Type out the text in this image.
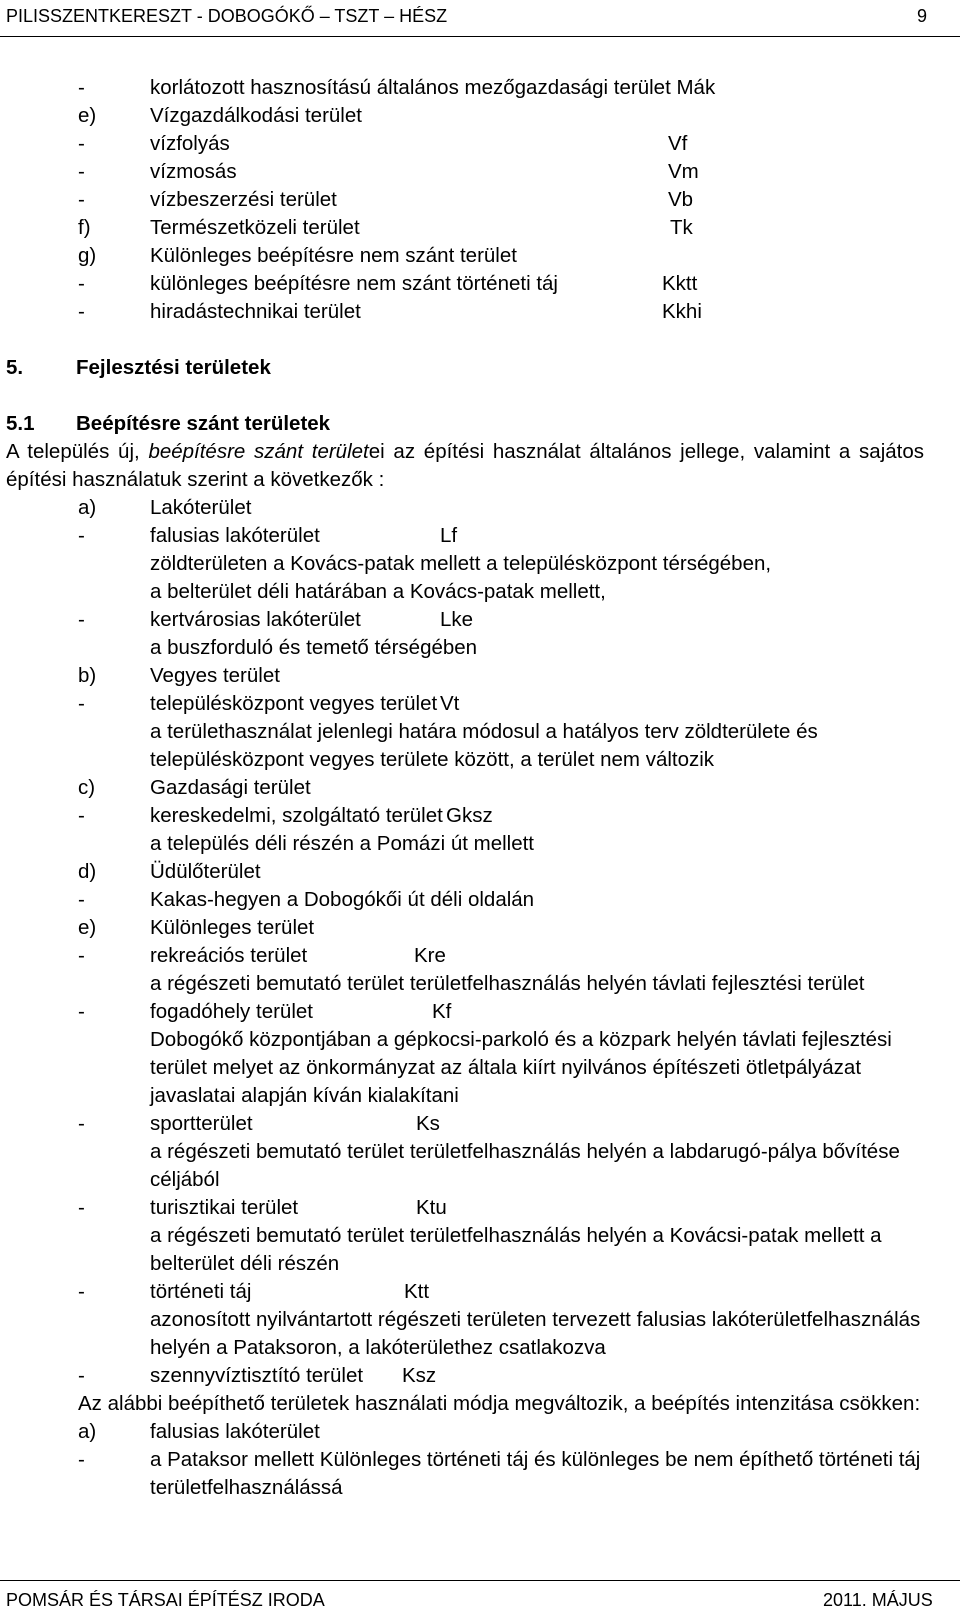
PILISSZENTKERESZT - DOBOGÓKŐ – TSZT – HÉSZ	9
-	korlátozott hasznosítású általános mezőgazdasági terület Mák
e)	Vízgazdálkodási terület
-	vízfolyás	Vf
-	vízmosás	Vm
-	vízbeszerzési terület	Vb
f)	Természetközeli terület	Tk
g)	Különleges beépítésre nem szánt terület
-	különleges beépítésre nem szánt történeti táj	Kktt
-	hiradástechnikai terület	Kkhi
5.	Fejlesztési területek
5.1 Beépítésre szánt területek
A település új, beépítésre szánt területei az építési használat általános jellege, valamint a sajátos építési használatuk szerint a következők :
a)	Lakóterület
-	falusias lakóterület	Lf
zöldterületen a Kovács-patak mellett a településközpont térségében,
a belterület déli határában a Kovács-patak mellett,
-	kertvárosias lakóterület	Lke
a buszforduló és temető térségében
b)	Vegyes terület
-	településközpont vegyes terület Vt
a területhasználat jelenlegi határa módosul a hatályos terv zöldterülete és
településközpont vegyes területe között, a terület nem változik
c)	Gazdasági terület
-	kereskedelmi, szolgáltató terület Gksz
a település déli részén a Pomázi út mellett
d)	Üdülőterület
-	Kakas-hegyen a Dobogókői út déli oldalán
e)	Különleges terület
-	rekreációs terület	Kre
a régészeti bemutató terület területfelhasználás helyén távlati fejlesztési terület
-	fogadóhely terület	Kf
Dobogókő központjában a gépkocsi-parkoló és a közpark helyén távlati fejlesztési
terület melyet az önkormányzat az általa kiírt nyilvános építészeti ötletpályázat
javaslatai alapján kíván kialakítani
-	sportterület	Ks
a régészeti bemutató terület területfelhasználás helyén a labdarugó-pálya bővítése
céljából
-	turisztikai terület	Ktu
a régészeti bemutató terület területfelhasználás helyén a Kovácsi-patak mellett a
belterület déli részén
-	történeti táj	Ktt
azonosított nyilvántartott régészeti területen tervezett falusias lakóterületfelhasználás
helyén a Pataksoron, a lakóterülethez csatlakozva
-	szennyvíztisztító terület Ksz
Az alábbi beépíthető területek használati módja megváltozik, a beépítés intenzitása csökken:
a)	falusias lakóterület
-	a Pataksor mellett Különleges történeti táj és különleges be nem építhető történeti táj
területfelhasználássá
POMSÁR ÉS TÁRSAI ÉPÍTÉSZ IRODA	2011. MÁJUS
